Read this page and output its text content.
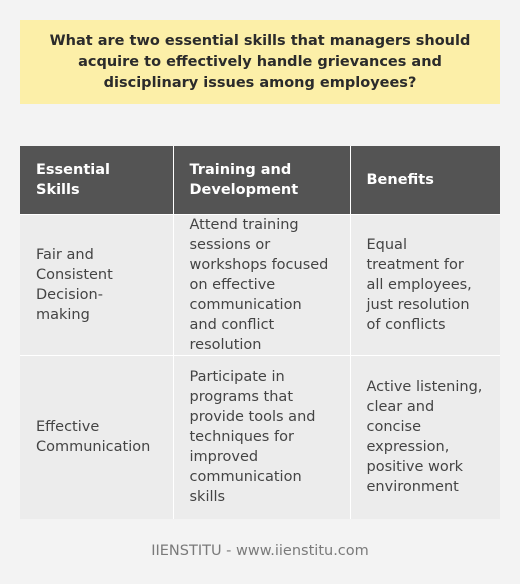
What are two essential skills that managers should acquire to effectively handle grievances and disciplinary issues among employees?
Essential Skills	Training and Development	Benefits
Fair and Consistent Decision-making	Attend training sessions or workshops focused on effective communication and conflict resolution	Equal treatment for all employees, just resolution of conflicts
Effective Communication	Participate in programs that provide tools and techniques for improved communication skills	Active listening, clear and concise expression, positive work environment
IIENSTITU - www.iienstitu.com
